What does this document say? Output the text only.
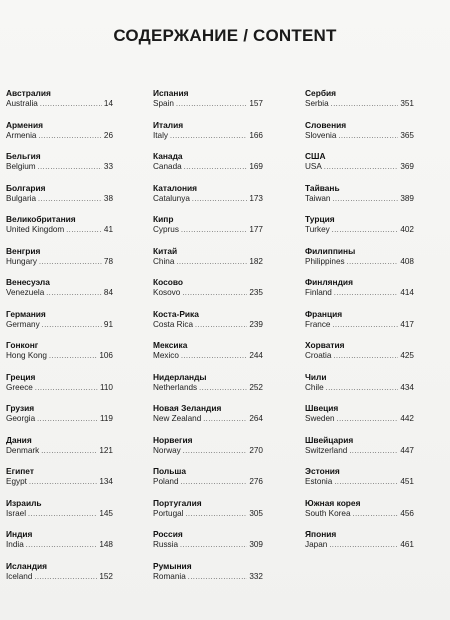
СОДЕРЖАНИЕ / CONTENT
Австралия
Australia .....	14
Армения
Armenia .....	26
Бельгия
Belgium .....	33
Болгария
Bulgaria .....	38
Великобритания
United Kingdom .....	41
Венгрия
Hungary .....	78
Венесуэла
Venezuela .....	84
Германия
Germany .....	91
Гонконг
Hong Kong .....	106
Греция
Greece .....	110
Грузия
Georgia .....	119
Дания
Denmark .....	121
Египет
Egypt .....	134
Израиль
Israel .....	145
Индия
India .....	148
Исландия
Iceland .....	152
Испания
Spain .....	157
Италия
Italy .....	166
Канада
Canada .....	169
Каталония
Catalunya .....	173
Кипр
Cyprus .....	177
Китай
China .....	182
Косово
Kosovo .....	235
Коста-Рика
Costa Rica .....	239
Мексика
Mexico .....	244
Нидерланды
Netherlands .....	252
Новая Зеландия
New Zealand .....	264
Норвегия
Norway .....	270
Польша
Poland .....	276
Португалия
Portugal .....	305
Россия
Russia .....	309
Румыния
Romania .....	332
Сербия
Serbia .....	351
Словения
Slovenia .....	365
США
USA .....	369
Тайвань
Taiwan .....	389
Турция
Turkey .....	402
Филиппины
Philippines .....	408
Финляндия
Finland .....	414
Франция
France .....	417
Хорватия
Croatia .....	425
Чили
Chile .....	434
Швеция
Sweden .....	442
Швейцария
Switzerland .....	447
Эстония
Estonia .....	451
Южная корея
South Korea .....	456
Япония
Japan .....	461
